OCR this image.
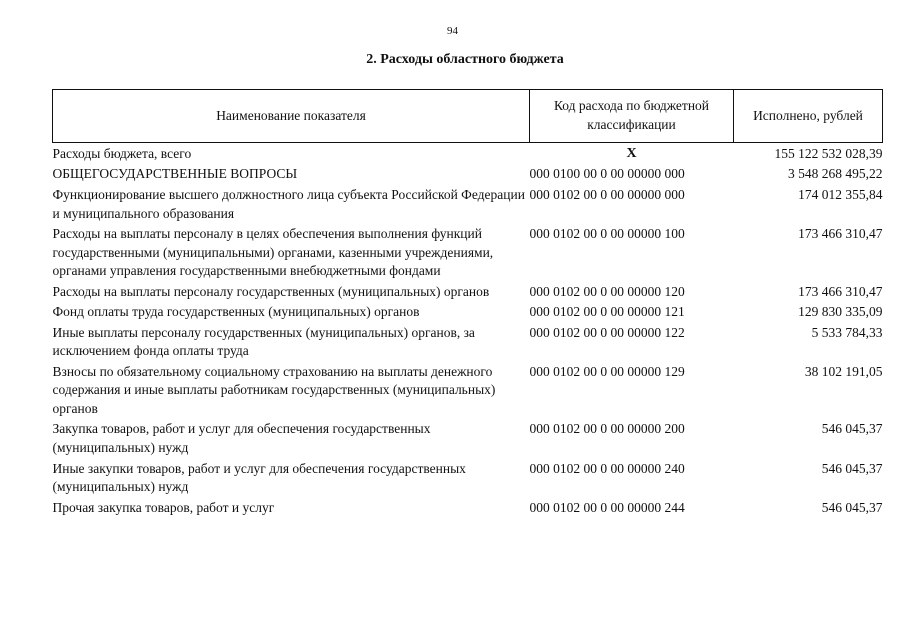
94
2. Расходы областного бюджета
Наименование показателя	Код расхода по бюджетной классификации	Исполнено, рублей
Расходы бюджета, всего	X	155 122 532 028,39
ОБЩЕГОСУДАРСТВЕННЫЕ ВОПРОСЫ	000 0100 00 0 00 00000 000	3 548 268 495,22
Функционирование высшего должностного лица субъекта Российской Федерации и муниципального образования	000 0102 00 0 00 00000 000	174 012 355,84
Расходы на выплаты персоналу в целях обеспечения выполнения функций государственными (муниципальными) органами, казенными учреждениями, органами управления государственными внебюджетными фондами	000 0102 00 0 00 00000 100	173 466 310,47
Расходы на выплаты персоналу государственных (муниципальных) органов	000 0102 00 0 00 00000 120	173 466 310,47
Фонд оплаты труда государственных (муниципальных) органов	000 0102 00 0 00 00000 121	129 830 335,09
Иные выплаты персоналу государственных (муниципальных) органов, за исключением фонда оплаты труда	000 0102 00 0 00 00000 122	5 533 784,33
Взносы по обязательному социальному страхованию на выплаты денежного содержания и иные выплаты работникам государственных (муниципальных) органов	000 0102 00 0 00 00000 129	38 102 191,05
Закупка товаров, работ и услуг для обеспечения государственных (муниципальных) нужд	000 0102 00 0 00 00000 200	546 045,37
Иные закупки товаров, работ и услуг для обеспечения государственных (муниципальных) нужд	000 0102 00 0 00 00000 240	546 045,37
Прочая закупка товаров, работ и услуг	000 0102 00 0 00 00000 244	546 045,37
